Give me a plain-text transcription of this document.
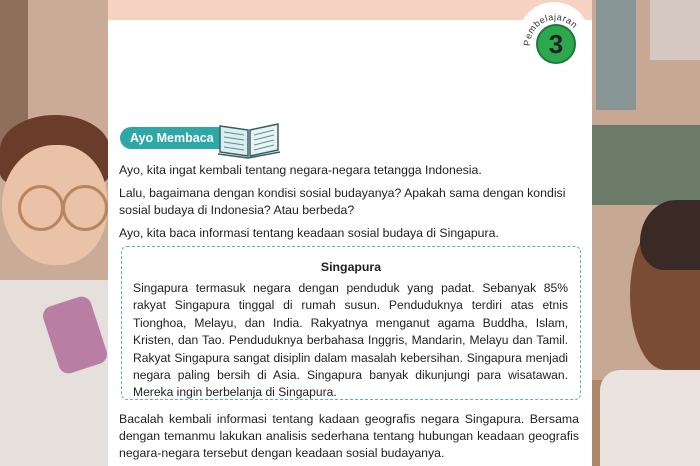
Pembelajaran
3
Ayo Membaca

Ayo, kita ingat kembali tentang negara-negara tetangga Indonesia.

Lalu, bagaimana dengan kondisi sosial budayanya? Apakah sama dengan kondisi sosial budaya di Indonesia? Atau berbeda?

Ayo, kita baca informasi tentang keadaan sosial budaya di Singapura.

Singapura

Singapura termasuk negara dengan penduduk yang padat. Sebanyak 85% rakyat Singapura tinggal di rumah susun. Penduduknya terdiri atas etnis Tionghoa, Melayu, dan India. Rakyatnya menganut agama Buddha, Islam, Kristen, dan Tao. Penduduknya berbahasa Inggris, Mandarin, Melayu dan Tamil. Rakyat Singapura sangat disiplin dalam masalah kebersihan. Singapura menjadi negara paling bersih di Asia. Singapura banyak dikunjungi para wisatawan. Mereka ingin berbelanja di Singapura.

Bacalah kembali informasi tentang kadaan geografis negara Singapura. Bersama dengan temanmu lakukan analisis sederhana tentang hubungan keadaan geografis negara-negara tersebut dengan keadaan sosial budayanya.
